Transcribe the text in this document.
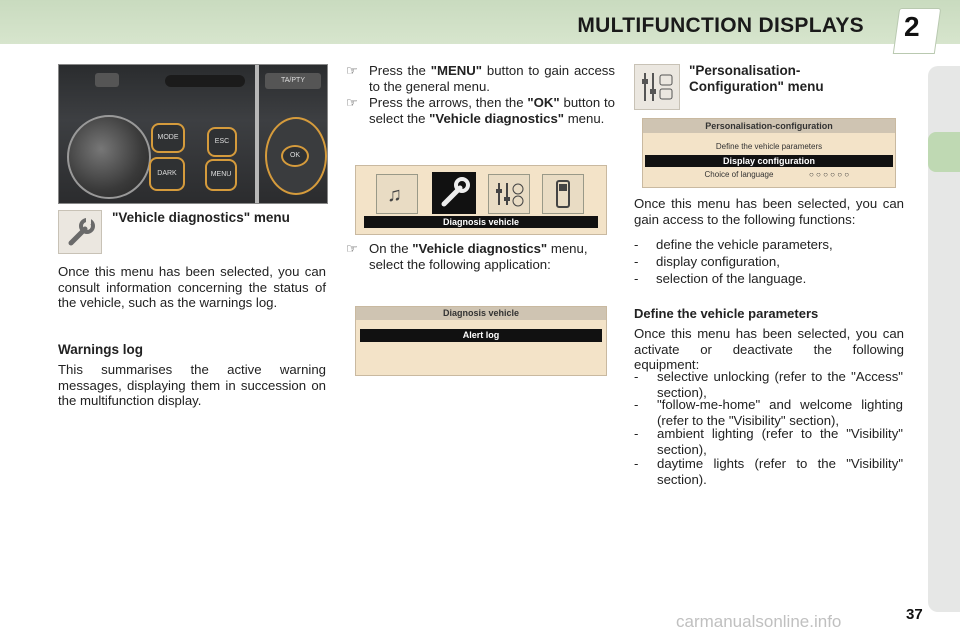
MULTIFUNCTION DISPLAYS 2
MODE
DARK
ESC
MENU
OK
TA/PTY
"Vehicle diagnostics" menu
Once this menu has been selected, you can consult information concerning the status of the vehicle, such as the warnings log.
Warnings log
This summarises the active warning messages, displaying them in succession on the multifunction display.
☞ Press the "MENU" button to gain access to the general menu.
☞ Press the arrows, then the "OK" button to select the "Vehicle diagnostics" menu.
♫
Diagnosis vehicle
☞ On the "Vehicle diagnostics" menu, select the following application:
Diagnosis vehicle
Alert log
"Personalisation-Configuration" menu
Personalisation-configuration
Define the vehicle parameters
Display configuration
Choice of language	○ ○ ○ ○ ○ ○
Once this menu has been selected, you can gain access to the following functions:
- define the vehicle parameters,
- display configuration,
- selection of the language.
Define the vehicle parameters
Once this menu has been selected, you can activate or deactivate the following equipment:
- selective unlocking (refer to the "Access" section),
- "follow-me-home" and welcome lighting (refer to the "Visibility" section),
- ambient lighting (refer to the "Visibility" section),
- daytime lights (refer to the "Visibility" section).
carmanualsonline.info	37
